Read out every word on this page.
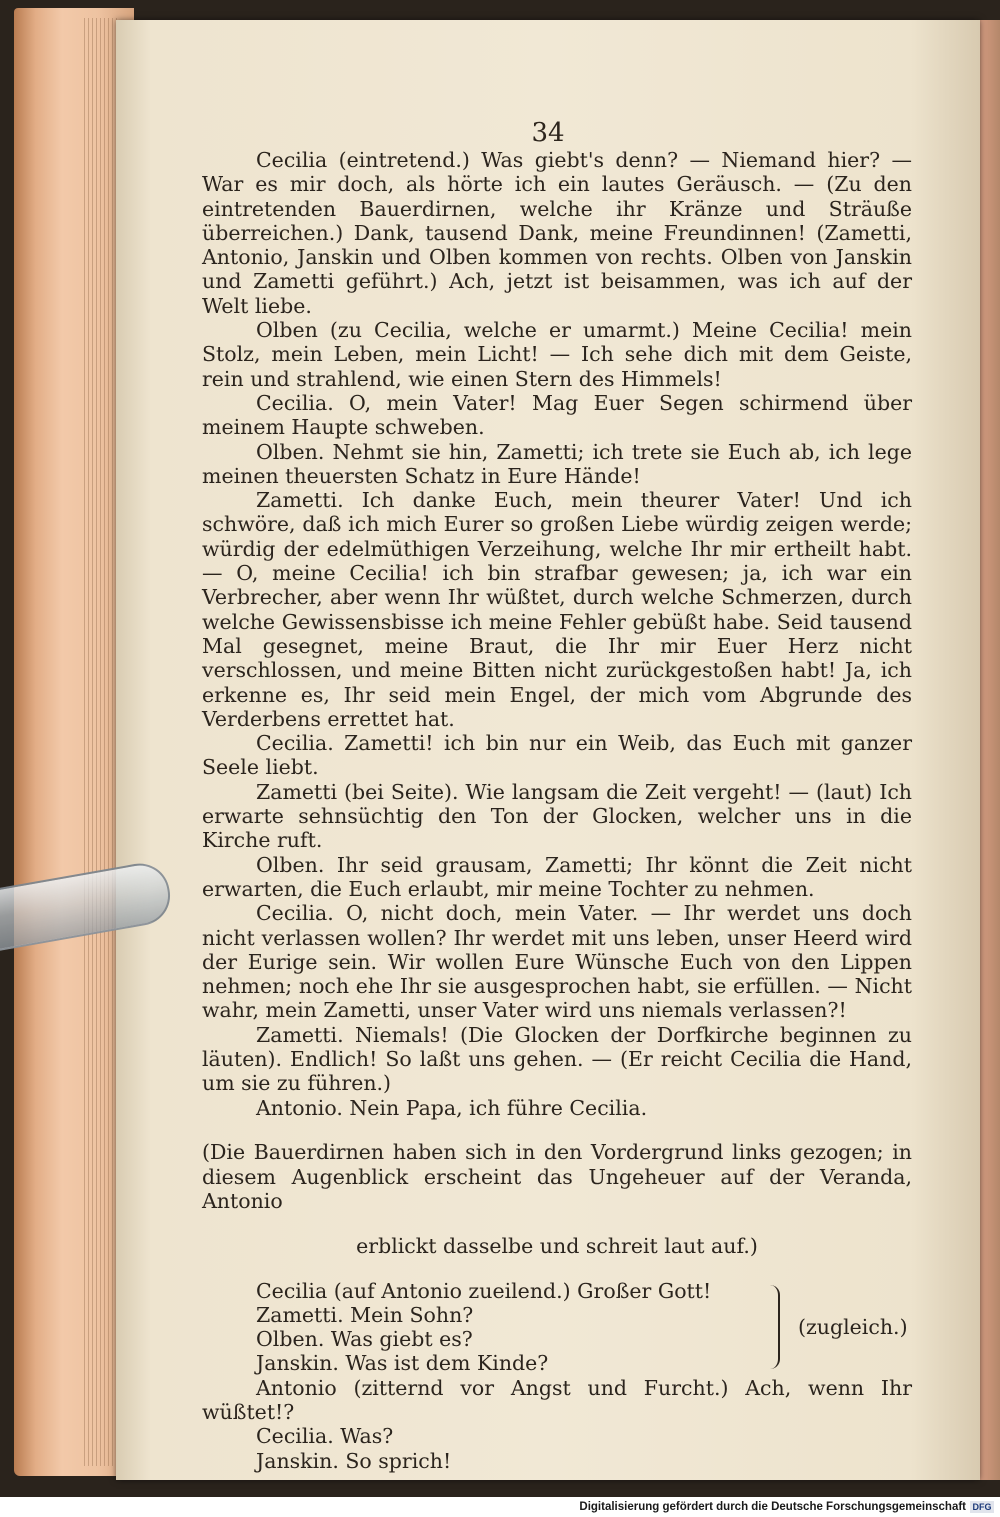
34

Cecilia (eintretend.) Was giebt's denn? — Niemand hier? — War es mir doch, als hörte ich ein lautes Geräusch. — (Zu den eintretenden Bauerdirnen, welche ihr Kränze und Sträuße überreichen.) Dank, tausend Dank, meine Freundinnen! (Zametti, Antonio, Janskin und Olben kommen von rechts. Olben von Janskin und Zametti geführt.) Ach, jetzt ist beisammen, was ich auf der Welt liebe.

Olben (zu Cecilia, welche er umarmt.) Meine Cecilia! mein Stolz, mein Leben, mein Licht! — Ich sehe dich mit dem Geiste, rein und strahlend, wie einen Stern des Himmels!

Cecilia. O, mein Vater! Mag Euer Segen schirmend über meinem Haupte schweben.

Olben. Nehmt sie hin, Zametti; ich trete sie Euch ab, ich lege meinen theuersten Schatz in Eure Hände!

Zametti. Ich danke Euch, mein theurer Vater! Und ich schwöre, daß ich mich Eurer so großen Liebe würdig zeigen werde; würdig der edelmüthigen Verzeihung, welche Ihr mir ertheilt habt. — O, meine Cecilia! ich bin strafbar gewesen; ja, ich war ein Verbrecher, aber wenn Ihr wüßtet, durch welche Schmerzen, durch welche Gewissensbisse ich meine Fehler gebüßt habe. Seid tausend Mal gesegnet, meine Braut, die Ihr mir Euer Herz nicht verschlossen, und meine Bitten nicht zurückgestoßen habt! Ja, ich erkenne es, Ihr seid mein Engel, der mich vom Abgrunde des Verderbens errettet hat.

Cecilia. Zametti! ich bin nur ein Weib, das Euch mit ganzer Seele liebt.

Zametti (bei Seite). Wie langsam die Zeit vergeht! — (laut) Ich erwarte sehnsüchtig den Ton der Glocken, welcher uns in die Kirche ruft.

Olben. Ihr seid grausam, Zametti; Ihr könnt die Zeit nicht erwarten, die Euch erlaubt, mir meine Tochter zu nehmen.

Cecilia. O, nicht doch, mein Vater. — Ihr werdet uns doch nicht verlassen wollen? Ihr werdet mit uns leben, unser Heerd wird der Eurige sein. Wir wollen Eure Wünsche Euch von den Lippen nehmen; noch ehe Ihr sie ausgesprochen habt, sie erfüllen. — Nicht wahr, mein Zametti, unser Vater wird uns niemals verlassen?!

Zametti. Niemals! (Die Glocken der Dorfkirche beginnen zu läuten). Endlich! So laßt uns gehen. — (Er reicht Cecilia die Hand, um sie zu führen.)

Antonio. Nein Papa, ich führe Cecilia.

(Die Bauerdirnen haben sich in den Vordergrund links gezogen; in diesem Augenblick erscheint das Ungeheuer auf der Veranda, Antonio

erblickt dasselbe und schreit laut auf.)

Cecilia (auf Antonio zueilend.) Großer Gott!
Zametti. Mein Sohn?
Olben. Was giebt es?
Janskin. Was ist dem Kinde?
(zugleich.)

Antonio (zitternd vor Angst und Furcht.) Ach, wenn Ihr wüßtet!?

Cecilia. Was?

Janskin. So sprich!

Digitalisierung gefördert durch die Deutsche Forschungsgemeinschaft DFG
